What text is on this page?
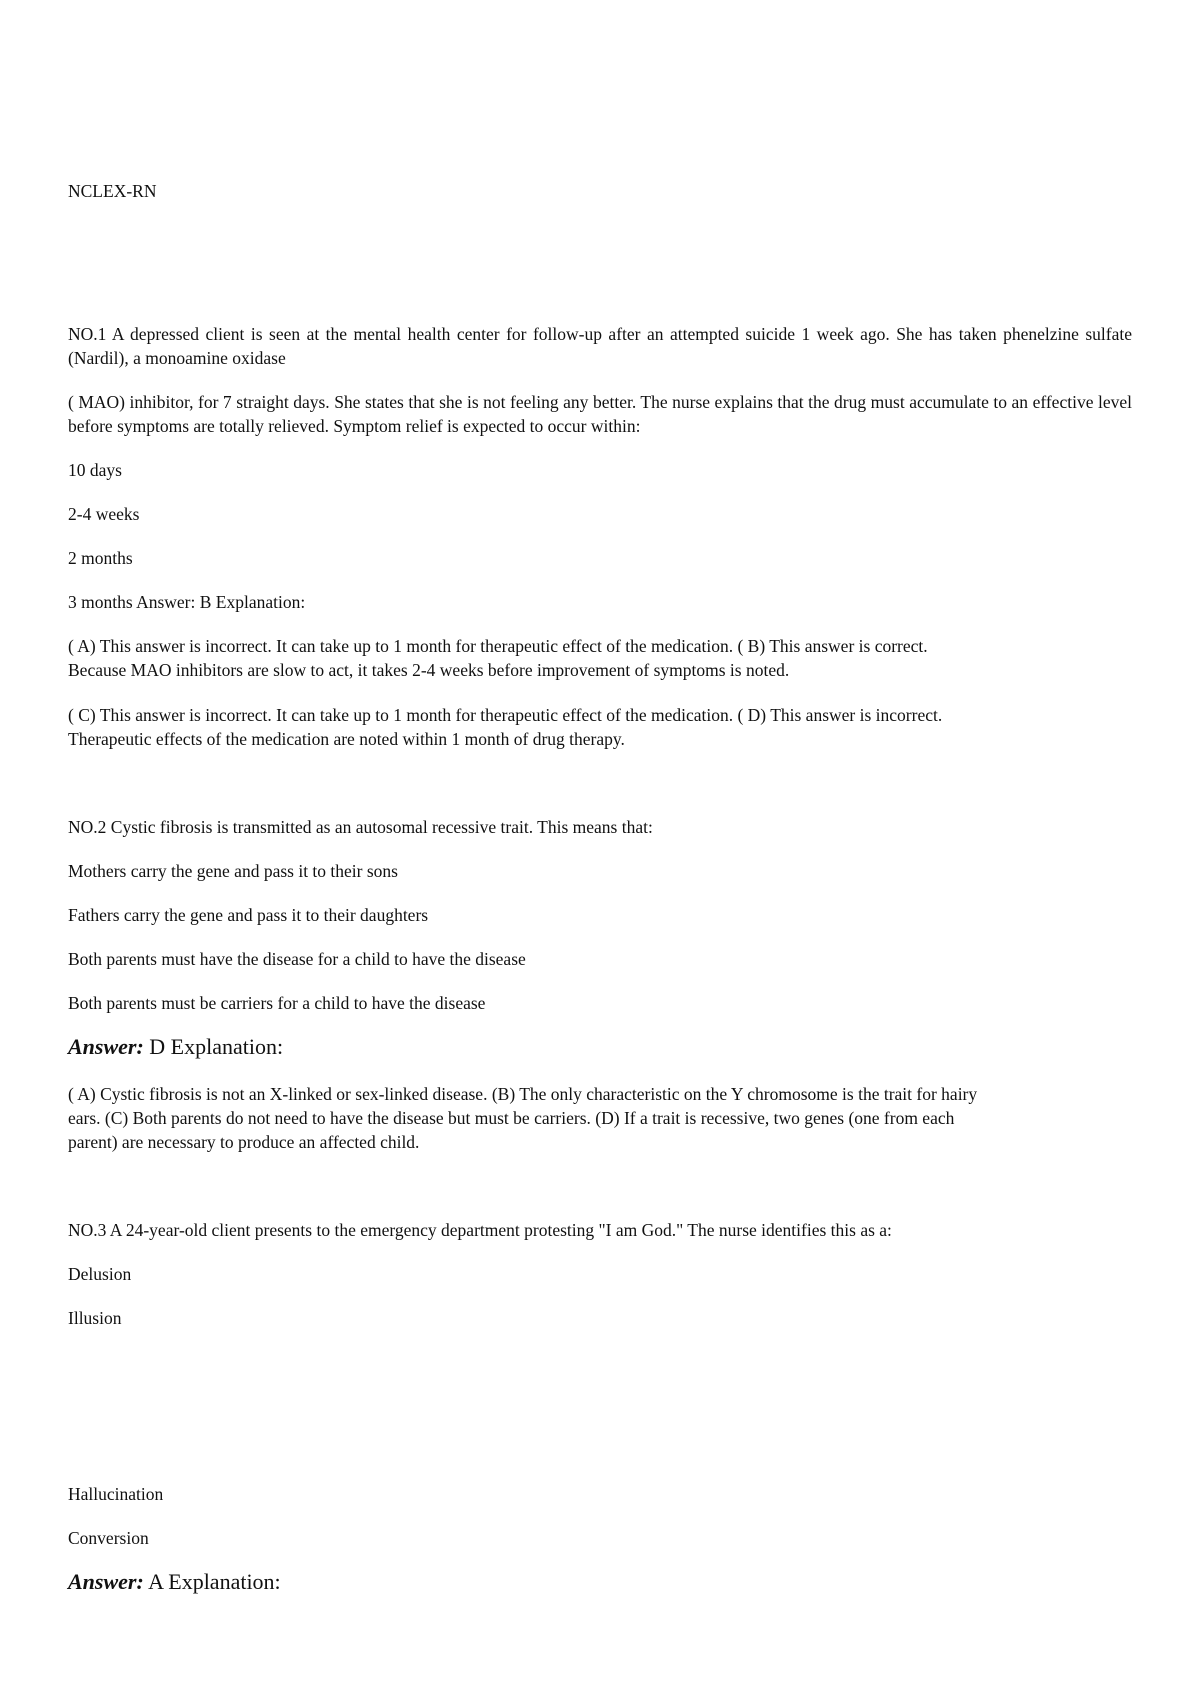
NCLEX-RN
NO.1 A depressed client is seen at the mental health center for follow-up after an attempted suicide 1 week ago. She has taken phenelzine sulfate (Nardil), a monoamine oxidase
( MAO) inhibitor, for 7 straight days. She states that she is not feeling any better. The nurse explains that the drug must accumulate to an effective level before symptoms are totally relieved. Symptom relief is expected to occur within:
10 days
2-4 weeks
2 months
3 months Answer: B Explanation:
( A) This answer is incorrect. It can take up to 1 month for therapeutic effect of the medication. ( B) This answer is correct.
Because MAO inhibitors are slow to act, it takes 2-4 weeks before improvement of symptoms is noted.
( C) This answer is incorrect. It can take up to 1 month for therapeutic effect of the medication. ( D) This answer is incorrect.
Therapeutic effects of the medication are noted within 1 month of drug therapy.
NO.2 Cystic fibrosis is transmitted as an autosomal recessive trait. This means that:
Mothers carry the gene and pass it to their sons
Fathers carry the gene and pass it to their daughters
Both parents must have the disease for a child to have the disease
Both parents must be carriers for a child to have the disease
Answer: D Explanation:
( A) Cystic fibrosis is not an X-linked or sex-linked disease. (B) The only characteristic on the Y chromosome is the trait for hairy
ears. (C) Both parents do not need to have the disease but must be carriers. (D) If a trait is recessive, two genes (one from each
parent) are necessary to produce an affected child.
NO.3 A 24-year-old client presents to the emergency department protesting "I am God." The nurse identifies this as a:
Delusion
Illusion
Hallucination
Conversion
Answer: A Explanation:
